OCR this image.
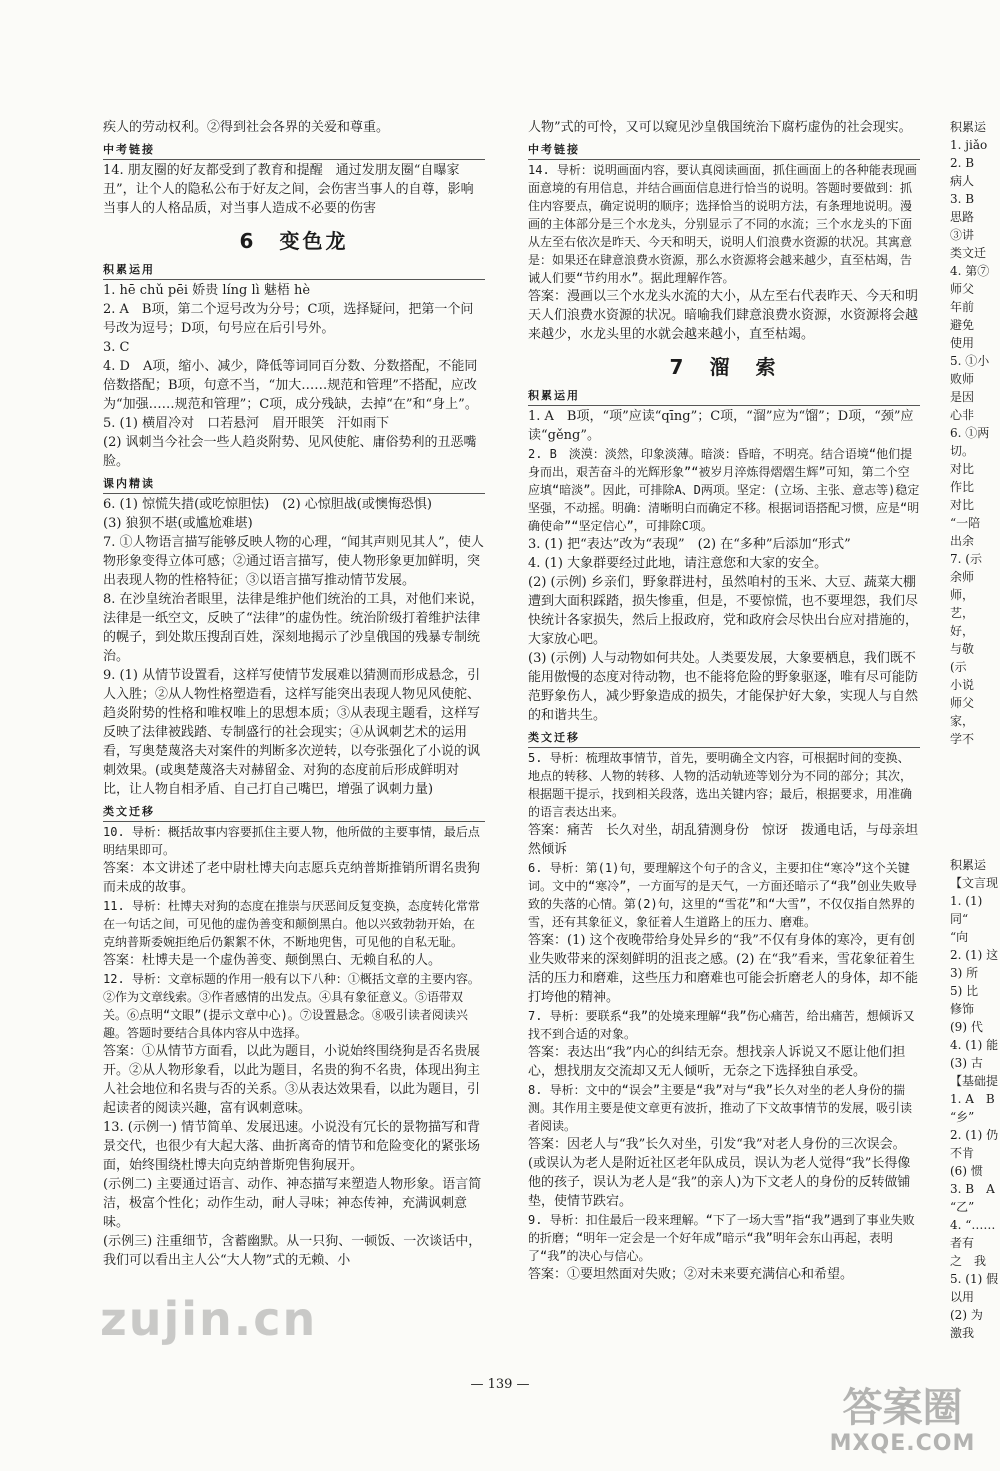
疾人的劳动权利。②得到社会各界的关爱和尊重。

中考链接

14. 朋友圈的好友都受到了教育和提醒　通过发朋友圈“自曝家丑”，让个人的隐私公布于好友之间，会伤害当事人的自尊，影响当事人的人格品质，对当事人造成不必要的伤害

6　变色龙
积累运用

1. hē chǔ pēi 娇贵 líng lì 魅梧 hè

2. A　B项，第二个逗号改为分号；C项，选择疑问，把第一个问号改为逗号；D项，句号应在后引号外。

3. C

4. D　A项，缩小、减少，降低等词同百分数、分数搭配，不能同倍数搭配；B项，句意不当，“加大……规范和管理”不搭配，应改为“加强……规范和管理”；C项，成分残缺，去掉“在”和“身上”。

5. (1) 横眉冷对　口若悬河　眉开眼笑　汗如雨下

(2) 讽刺当今社会一些人趋炎附势、见风使舵、庸俗势利的丑恶嘴脸。

课内精读

6. (1) 惊慌失措(或吃惊胆怯)　(2) 心惊胆战(或懊悔恐惧)

(3) 狼狈不堪(或尴尬难堪)

7. ①人物语言描写能够反映人物的心理，“闻其声则见其人”，使人物形象变得立体可感；②通过语言描写，使人物形象更加鲜明，突出表现人物的性格特征；③以语言描写推动情节发展。

8. 在沙皇统治者眼里，法律是维护他们统治的工具，对他们来说，法律是一纸空文，反映了“法律”的虚伪性。统治阶级打着维护法律的幌子，到处欺压搜刮百姓，深刻地揭示了沙皇俄国的残暴专制统治。

9. (1) 从情节设置看，这样写使情节发展难以猜测而形成悬念，引人入胜；②从人物性格塑造看，这样写能突出表现人物见风使舵、趋炎附势的性格和唯权唯上的思想本质；③从表现主题看，这样写反映了法律被践踏、专制盛行的社会现实；④从讽刺艺术的运用看，写奥楚蔑洛夫对案件的判断多次逆转，以夸张强化了小说的讽刺效果。(或奥楚蔑洛夫对赫留金、对狗的态度前后形成鲜明对比，让人物自相矛盾、自己打自己嘴巴，增强了讽刺力量)

类文迁移

10. 导析：概括故事内容要抓住主要人物，他所做的主要事情，最后点明结果即可。

答案：本文讲述了老中尉杜博夫向志愿兵克纳普斯推销所谓名贵狗而未成的故事。

11. 导析：杜博夫对狗的态度在推崇与厌恶间反复变换，态度转化常常在一句话之间，可见他的虚伪善变和颠倒黑白。他以兴致勃勃开始，在克纳普斯委婉拒绝后仍絮絮不休，不断地兜售，可见他的自私无耻。

答案：杜博夫是一个虚伪善变、颠倒黑白、无赖自私的人。

12. 导析：文章标题的作用一般有以下八种：①概括文章的主要内容。②作为文章线索。③作者感情的出发点。④具有象征意义。⑤语带双关。⑥点明“文眼”(提示文章中心)。⑦设置悬念。⑧吸引读者阅读兴趣。答题时要结合具体内容从中选择。

答案：①从情节方面看，以此为题目，小说始终围绕狗是否名贵展开。②从人物形象看，以此为题目，名贵的狗不名贵，体现出狗主人社会地位和名贵与否的关系。③从表达效果看，以此为题目，引起读者的阅读兴趣，富有讽刺意味。

13. (示例一) 情节简单、发展迅速。小说没有冗长的景物描写和背景交代，也很少有大起大落、曲折离奇的情节和危险变化的紧张场面，始终围绕杜博夫向克纳普斯兜售狗展开。

(示例二) 主要通过语言、动作、神态描写来塑造人物形象。语言简洁，极富个性化；动作生动，耐人寻味；神态传神，充满讽刺意味。

(示例三) 注重细节，含蓄幽默。从一只狗、一顿饭、一次谈话中，我们可以看出主人公“大人物”式的无赖、小

人物”式的可怜，又可以窥见沙皇俄国统治下腐朽虚伪的社会现实。

中考链接

14. 导析：说明画面内容，要认真阅读画面，抓住画面上的各种能表现画面意境的有用信息，并结合画面信息进行恰当的说明。答题时要做到：抓住内容要点，确定说明的顺序；选择恰当的说明方法，有条理地说明。漫画的主体部分是三个水龙头，分别显示了不同的水流；三个水龙头的下面从左至右依次是昨天、今天和明天，说明人们浪费水资源的状况。其寓意是：如果还在肆意浪费水资源，那么水资源将会越来越少，直至枯竭，告诫人们要“节约用水”。据此理解作答。

答案：漫画以三个水龙头水流的大小，从左至右代表昨天、今天和明天人们浪费水资源的状况。暗喻我们肆意浪费水资源，水资源将会越来越少，水龙头里的水就会越来越小，直至枯竭。

7　溜　索
积累运用

1. A　B项，“项”应读“qīng”；C项，“溜”应为“馏”；D项，“颈”应读“gěng”。

2. B　淡漠：淡然，印象淡薄。暗淡：昏暗，不明亮。结合语境“他们提身而出，艰苦奋斗的光辉形象”“被岁月淬炼得熠熠生辉”可知，第二个空应填“暗淡”。因此，可排除A、D两项。坚定：(立场、主张、意志等)稳定坚强，不动摇。明确：清晰明白而确定不移。根据词语搭配习惯，应是“明确使命”“坚定信心”，可排除C项。

3. (1) 把“表达”改为“表现”　(2) 在“多种”后添加“形式”

4. (1) 大象群要经过此地，请注意您和大家的安全。

(2) (示例) 乡亲们，野象群进村，虽然咱村的玉米、大豆、蔬菜大棚遭到大面积踩踏，损失惨重，但是，不要惊慌，也不要埋怨，我们尽快统计各家损失，然后上报政府，党和政府会尽快出台应对措施的，大家放心吧。

(3) (示例) 人与动物如何共处。人类要发展，大象要栖息，我们既不能用傲慢的态度对待动物，也不能将危险的野象驱逐，唯有尽可能防范野象伤人，减少野象造成的损失，才能保护好大象，实现人与自然的和谐共生。

类文迁移

5. 导析：梳理故事情节，首先，要明确全文内容，可根据时间的变换、地点的转移、人物的转移、人物的活动轨迹等划分为不同的部分；其次，根据题干提示，找到相关段落，选出关键内容；最后，根据要求，用准确的语言表达出来。

答案：痛苦　长久对坐，胡乱猜测身份　惊讶　拨通电话，与母亲坦然倾诉

6. 导析：第(1)句，要理解这个句子的含义，主要扣住“寒冷”这个关键词。文中的“寒冷”，一方面写的是天气，一方面还暗示了“我”创业失败导致的失落的心情。第(2)句，这里的“雪花”和“大雪”，不仅仅指自然界的雪，还有其象征义，象征着人生道路上的压力、磨难。

答案：(1) 这个夜晚带给身处异乡的“我”不仅有身体的寒冷，更有创业失败带来的深刻鲜明的沮丧之感。(2) 在“我”看来，雪花象征着生活的压力和磨难，这些压力和磨难也可能会折磨老人的身体，却不能打垮他的精神。

7. 导析：要联系“我”的处境来理解“我”伤心痛苦，给出痛苦，想倾诉又找不到合适的对象。

答案：表达出“我”内心的纠结无奈。想找亲人诉说又不愿让他们担心，想找朋友交流却又无人倾听，无奈之下选择独自承受。

8. 导析：文中的“误会”主要是“我”对与“我”长久对坐的老人身份的揣测。其作用主要是使文章更有波折，推动了下文故事情节的发展，吸引读者阅读。

答案：因老人与“我”长久对坐，引发“我”对老人身份的三次误会。(或误认为老人是附近社区老年队成员，误认为老人觉得“我”长得像他的孩子，误认为老人是“我”的亲人)为下文老人的身份的反转做铺垫，使情节跌宕。

9. 导析：扣住最后一段来理解。“下了一场大雪”指“我”遇到了事业失败的折磨；“明年一定会是一个好年成”暗示“我”明年会东山再起，表明了“我”的决心与信心。

答案：①要坦然面对失败；②对未来要充满信心和希望。

积累运
1. jiǎo
2. B
病人
3. B
思路
③讲
类文迁
4. 第⑦
师父
年前
避免
使用
5. ①小
败师
是因
心非
6. ①两
切。
对比
作比
对比
“一陪
出余
7. (示
余师
师，
艺，
好，
与敬
(示
小说
师父
家，
学不

积累运
【文言现
1. (1)
同“
“向
2. (1) 这
3) 所
5) 比
修饰
(9) 代
4. (1) 能
(3) 古
【基础提
1. A　B
“乡”
2. (1) 仍
不肯
(6) 惯
3. B　A
“乙”
4. “……
者有
之　我
5. (1) 假
以用
(2) 为
激我
— 139 —
zujin.cn
答案圈
MXQE.COM
